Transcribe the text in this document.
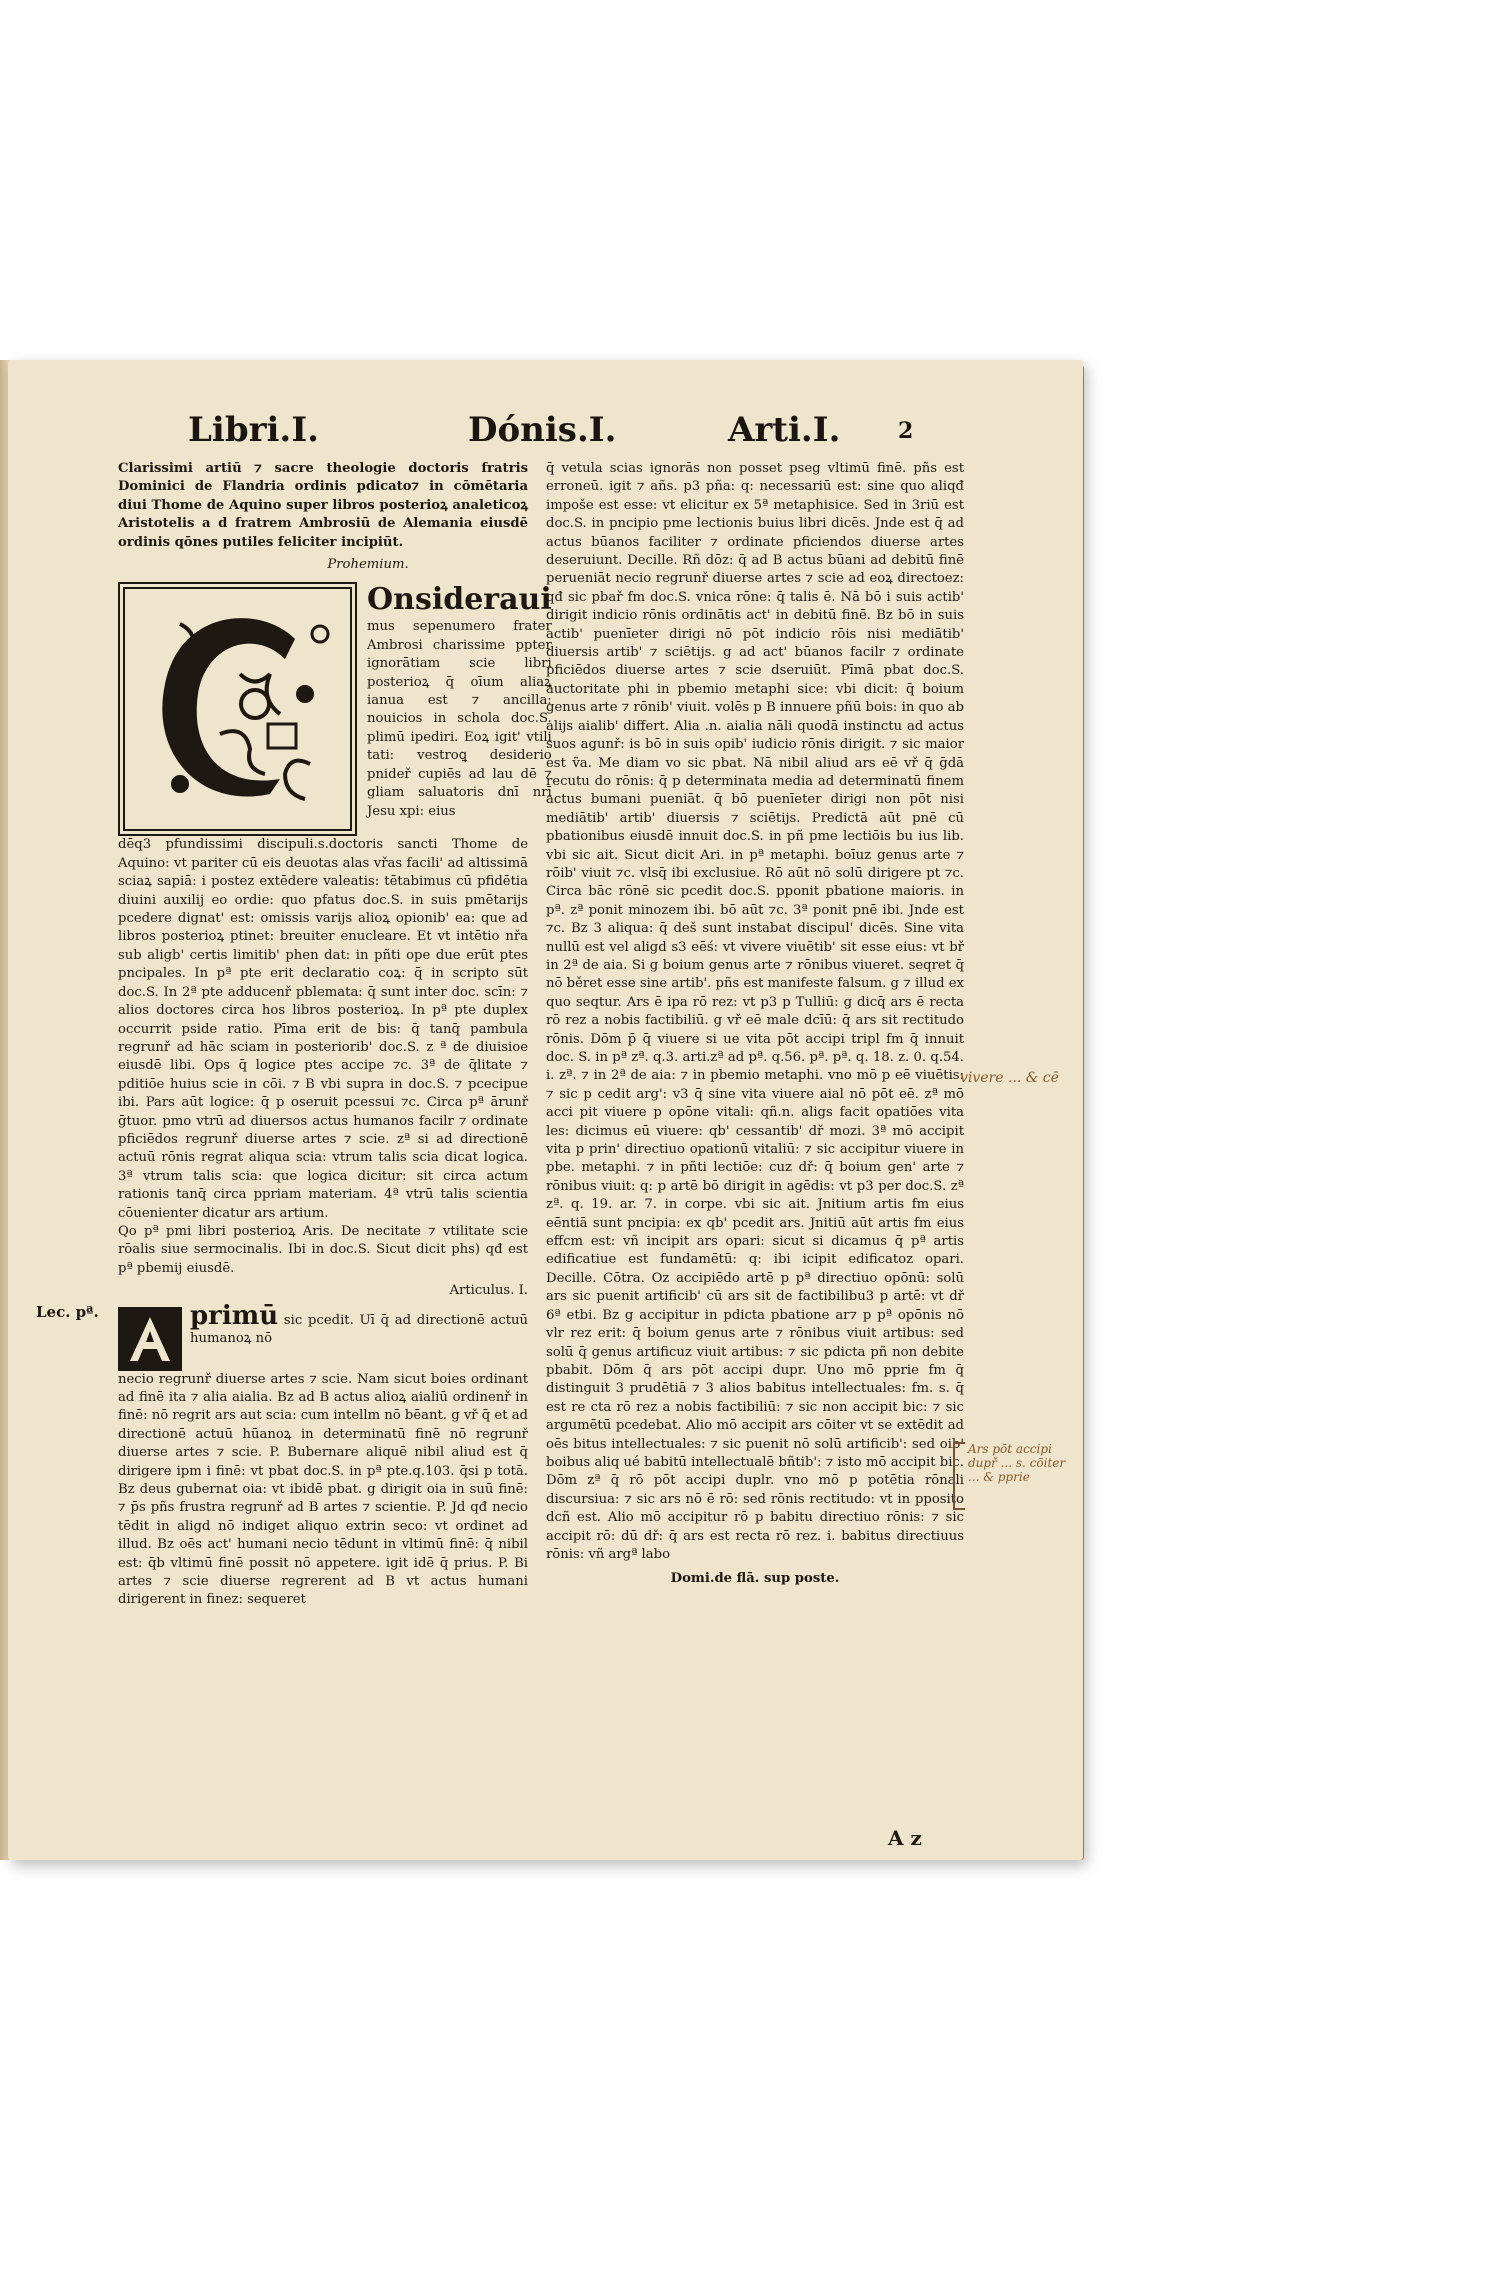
Libri.I.	Dónis.I.	Arti.I.	2

Clarissimi artiū ⁊ sacre theologie doctoris fratris Dominici de Flandria ordinis pdicato⁊ in cōmētaria diui Thome de Aquino super libros posterioꝝ analeticoꝝ Aristotelis a d fratrem Ambrosiū de Alemania eiusdē ordinis qōnes putiles feliciter incipiūt.

Prohemium.

Onsideraui
mus sepenumero frater Ambrosi charissime ppter ignorātiam scie libri posterioꝝ q̄ oīum aliaꝝ ianua est ⁊ ancilla: nouicios in schola doc.S. plimū ipediri. Eoꝝ igit' vtili tati: vestroꝗ desiderio pnideř cupiēs ad lau dē ⁊ gliam saluatoris dnī nrī Jesu xpi: eius

dēq3 pfundissimi discipuli.s.doctoris sancti Thome de Aquino: vt pariter cū eis deuotas alas vřas facili' ad altissimā sciaꝝ sapiā: i postez extēdere valeatis: tētabimus cū pfidētia diuini auxilij eo ordie: quo pfatus doc.S. in suis pmētarijs pcedere dignat' est: omissis varijs alioꝝ opionib' ea: que ad libros posterioꝝ ptinet: breuiter enucleare. Et vt intētio nřa sub aligb' certis limitib' phen dat: in pñti ope due erūt ptes pncipales. In pª pte erit declaratio coꝝ: q̄ in scripto sūt doc.S. In 2ª pte adducenř pblemata: q̄ sunt inter doc. scīn: ⁊ alios doctores circa hos libros posterioꝝ. In pª pte duplex occurrit pside ratio. Pīma erit de bis: q̄ tanq̄ pambula regrunř ad hāc sciam in posteriorib' doc.S. z ª de diuisioe eiusdē libi. Ops q̄ logice ptes accipe ⁊c. 3ª de q̄litate ⁊ pditiōe huius scie in cōi. ⁊ B vbi supra in doc.S. ⁊ pcecipue ibi. Pars aūt logice: q̄ p oseruit pcessui ⁊c. Circa pª ārunř ḡtuor. pmo vtrū ad diuersos actus humanos facilr ⁊ ordinate pficiēdos regrunř diuerse artes ⁊ scie. zª si ad directionē actuū rōnis regrat aliqua scia: vtrum talis scia dicat logica. 3ª vtrum talis scia: que logica dicitur: sit circa actum rationis tanq̄ circa ppriam materiam. 4ª vtrū talis scientia cōuenienter dicatur ars artium.

Qo pª pmi libri posterioꝝ Aris. De necitate ⁊ vtilitate scie rōalis siue sermocinalis. Ibi in doc.S. Sicut dicit phs) qđ est pª pbemij eiusdē.

Articulus. I.

primū sic pcedit. Uī q̄ ad directionē actuū humanoꝝ nō

necio regrunř diuerse artes ⁊ scie. Nam sicut boies ordinant ad finē ita ⁊ alia aialia. Bz ad B actus alioꝝ aialiū ordinenř in finē: nō regrit ars aut scia: cum intellm nō bēant. g vř q̄ et ad directionē actuū hūanoꝝ in determinatū finē nō regrunř diuerse artes ⁊ scie. P. Bubernare aliquē nibil aliud est q̄ dirigere ipm i finē: vt pbat doc.S. in pª pte.q.103. q̄si p totā. Bz deus gubernat oia: vt ibidē pbat. g dirigit oia in suū finē: ⁊ p̄s pñs frustra regrunř ad B artes ⁊ scientie. P. Jd qđ necio tēdit in aligd nō indiget aliquo extrin seco: vt ordinet ad illud. Bz oēs act' humani necio tēdunt in vltimū finē: q̄ nibil est: q̄b vltimū finē possit nō appetere. igit idē q̄ prius. P. Bi artes ⁊ scie diuerse regrerent ad B vt actus humani dirigerent in finez: sequeret

Lec. pª.

q̄ vetula scias ignorās non posset pseg vltimū finē. pñs est erroneū. igit ⁊ añs. p3 pña: q: necessariū est: sine quo aliqđ impoše est esse: vt elicitur ex 5ª metaphisice. Sed in 3riū est doc.S. in pncipio pme lectionis buius libri dicēs. Jnde est q̄ ad actus būanos faciliter ⁊ ordinate pficiendos diuerse artes deseruiunt. Decille. Rñ dōz: q̄ ad B actus būani ad debitū finē perueniāt necio regrunř diuerse artes ⁊ scie ad eoꝝ directoez: qđ sic pbař fm doc.S. vnica rōne: q̄ talis ē. Nā bō i suis actib' dirigit indicio rōnis ordinātis act' in debitū finē. Bz bō in suis actib' puenīeter dirigi nō pōt indicio rōis nisi mediātib' diuersis artib' ⁊ sciētijs. g ad act' būanos facilr ⁊ ordinate pficiēdos diuerse artes ⁊ scie dseruiūt. Pīmā pbat doc.S. auctoritate phi in pbemio metaphi sice: vbi dicit: q̄ boium genus arte ⁊ rōnib' viuit. volēs p B innuere pñū bois: in quo ab alijs aialib' differt. Alia .n. aialia nāli quodā instinctu ad actus suos agunř: is bō in suis opib' iudicio rōnis dirigit. ⁊ sic maior est ṽa. Me diam vo sic pbat. Nā nibil aliud ars eē vř q̄ ḡdā recutu do rōnis: q̄ p determinata media ad determinatū finem actus bumani pueniāt. q̄ bō puenīeter dirigi non pōt nisi mediātib' artib' diuersis ⁊ sciētijs. Predictā aūt pnē cū pbationibus eiusdē innuit doc.S. in pñ pme lectiōis bu ius lib. vbi sic ait. Sicut dicit Ari. in pª metaphi. boīuz genus arte ⁊ rōib' viuit ⁊c. vlsq̄ ibi exclusiue. Rō aūt nō solū dirigere pt ⁊c. Circa bāc rōnē sic pcedit doc.S. pponit pbatione maioris. in pª. zª ponit minozem ibi. bō aūt ⁊c. 3ª ponit pnē ibi. Jnde est ⁊c. Bz 3 aliqua: q̄ deš sunt instabat discipul' dicēs. Sine vita nullū est vel aligd s3 eēś: vt vivere viuētib' sit esse eius: vt bř in 2ª de aia. Si g boium genus arte ⁊ rōnibus viueret. seqret q̄ nō běret esse sine artib'. pñs est manifeste falsum. g ⁊ illud ex quo seqtur. Ars ē ipa rō rez: vt p3 p Tulliū: g dicq̄ ars ē recta rō rez a nobis factibiliū. g vř eē male dcīū: q̄ ars sit rectitudo rōnis. Dōm p̄ q̄ viuere si ue vita pōt accipi tripl fm q̄ innuit doc. S. in pª zª. q.3. arti.zª ad pª. q.56. pª. pª. q. 18. z. 0. q.54. i. zª. ⁊ in 2ª de aia: ⁊ in pbemio metaphi. vno mō p eē viuētis: ⁊ sic p cedit arg': v3 q̄ sine vita viuere aial nō pōt eē. zª mō acci pit viuere p opōne vitali: qñ.n. aligs facit opatiōes vita les: dicimus eū viuere: qb' cessantib' dř mozi. 3ª mō accipit vita p prin' directiuo opationū vitaliū: ⁊ sic accipitur viuere in pbe. metaphi. ⁊ in pñti lectiōe: cuz dř: q̄ boium gen' arte ⁊ rōnibus viuit: q: p artē bō dirigit in agēdis: vt p3 per doc.S. zª zª. q. 19. ar. 7. in corpe. vbi sic ait. Jnitium artis fm eius eēntiā sunt pncipia: ex qb' pcedit ars. Jnitiū aūt artis fm eius effcm est: vñ incipit ars opari: sicut si dicamus q̄ pª artis edificatiue est fundamētū: q: ibi icipit edificatoz opari. Decille. Cōtra. Oz accipiēdo artē p pª directiuo opōnū: solū ars sic puenit artificib' cū ars sit de factibilibu3 p artē: vt dř 6ª etbi. Bz g accipitur in pdicta pbatione ar⁊ p pª opōnis nō vlr rez erit: q̄ boium genus arte ⁊ rōnibus viuit artibus: sed solū q̄ genus artificuz viuit artibus: ⁊ sic pdicta pñ non debite pbabit. Dōm q̄ ars pōt accipi dupr. Uno mō pprie fm q̄ distinguit 3 prudētiā ⁊ 3 alios babitus intellectuales: fm. s. q̄ est re cta rō rez a nobis factibiliū: ⁊ sic non accipit bic: ⁊ sic argumētū pcedebat. Alio mō accipit ars cōiter vt se extēdit ad oēs bitus intellectuales: ⁊ sic puenit nō solū artificib': sed oib' boibus aliq ué babitū intellectualē bñtib': ⁊ isto mō accipit bic. Dōm zª q̄ rō pōt accipi duplr. vno mō p potētia rōnali discursiua: ⁊ sic ars nō ē rō: sed rōnis rectitudo: vt in pposito dcñ est. Alio mō accipitur rō p babitu directiuo rōnis: ⁊ sic accipit rō: dū dř: q̄ ars est recta rō rez. i. babitus directiuus rōnis: vñ argª labo

Domi.de flā. sup poste.

A z
vivere ... & cē
Ars pōt accipi dupř ... s. cōiter ... & pprie
